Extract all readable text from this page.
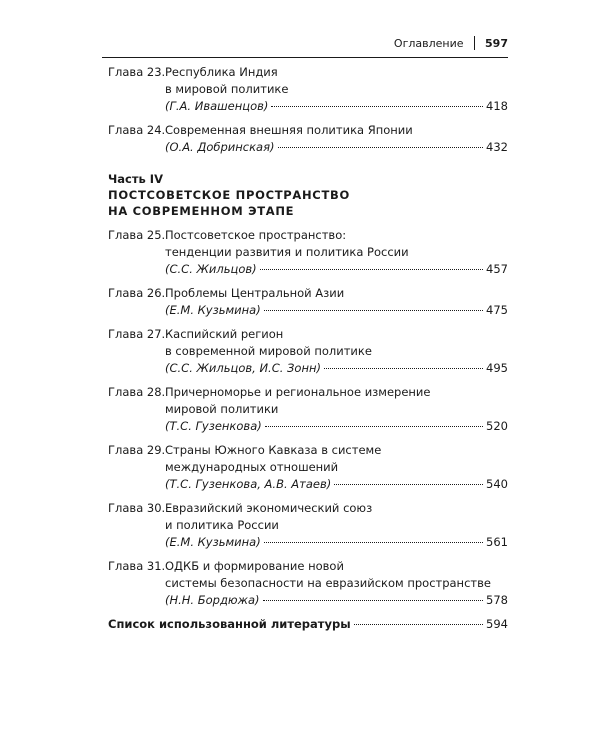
Оглавление 597
Глава 23. Республика Индия
в мировой политике
(Г.А. Ивашенцов)	418
Глава 24. Современная внешняя политика Японии
(О.А. Добринская)	432
Часть IV
ПОСТСОВЕТСКОЕ ПРОСТРАНСТВО
НА СОВРЕМЕННОМ ЭТАПЕ
Глава 25. Постсоветское пространство:
тенденции развития и политика России
(С.С. Жильцов)	457
Глава 26. Проблемы Центральной Азии
(Е.М. Кузьмина)	475
Глава 27. Каспийский регион
в современной мировой политике
(С.С. Жильцов, И.С. Зонн)	495
Глава 28. Причерноморье и региональное измерение
мировой политики
(Т.С. Гузенкова)	520
Глава 29. Страны Южного Кавказа в системе
международных отношений
(Т.С. Гузенкова, А.В. Атаев)	540
Глава 30. Евразийский экономический союз
и политика России
(Е.М. Кузьмина)	561
Глава 31. ОДКБ и формирование новой
системы безопасности на евразийском пространстве
(Н.Н. Бордюжа)	578
Список использованной литературы	594
